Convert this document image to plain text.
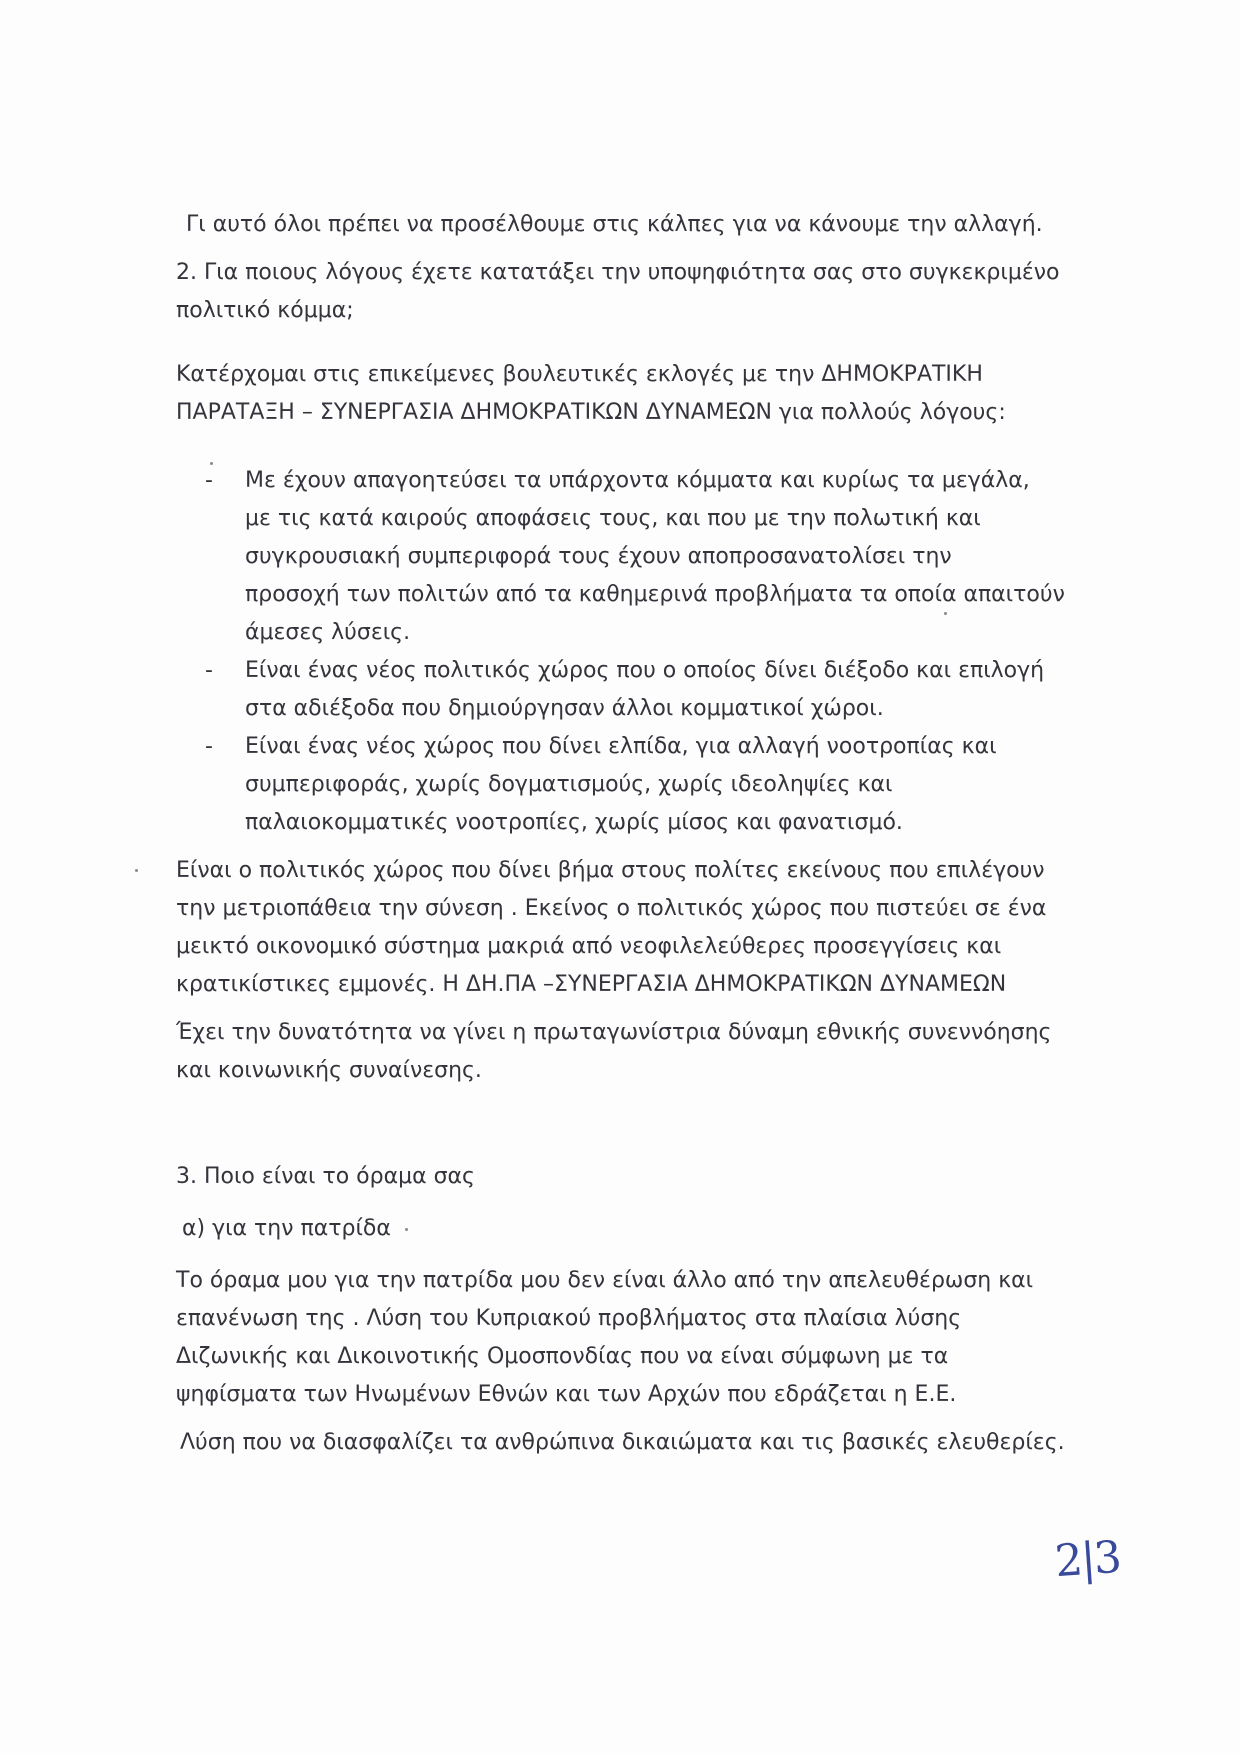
Γι αυτό όλοι πρέπει να προσέλθουμε στις κάλπες για να κάνουμε την αλλαγή.

2. Για ποιους λόγους έχετε κατατάξει την υποψηφιότητα σας στο συγκεκριμένο
πολιτικό κόμμα;

Κατέρχομαι στις επικείμενες βουλευτικές εκλογές με την ΔΗΜΟΚΡΑΤΙΚΗ
ΠΑΡΑΤΑΞΗ – ΣΥΝΕΡΓΑΣΙΑ ΔΗΜΟΚΡΑΤΙΚΩΝ ΔΥΝΑΜΕΩΝ για πολλούς λόγους:

- Με έχουν απαγοητεύσει τα υπάρχοντα κόμματα και κυρίως τα μεγάλα,
με τις κατά καιρούς αποφάσεις τους, και που με την πολωτική και
συγκρουσιακή συμπεριφορά τους έχουν αποπροσανατολίσει την
προσοχή των πολιτών από τα καθημερινά προβλήματα τα οποία απαιτούν
άμεσες λύσεις.
- Είναι ένας νέος πολιτικός χώρος που ο οποίος δίνει διέξοδο και επιλογή
στα αδιέξοδα που δημιούργησαν άλλοι κομματικοί χώροι.
- Είναι ένας νέος χώρος που δίνει ελπίδα, για αλλαγή νοοτροπίας και
συμπεριφοράς, χωρίς δογματισμούς, χωρίς ιδεοληψίες και
παλαιοκομματικές νοοτροπίες, χωρίς μίσος και φανατισμό.

Είναι ο πολιτικός χώρος που δίνει βήμα στους πολίτες εκείνους που επιλέγουν
την μετριοπάθεια την σύνεση . Εκείνος ο πολιτικός χώρος που πιστεύει σε ένα
μεικτό οικονομικό σύστημα μακριά από νεοφιλελεύθερες προσεγγίσεις και
κρατικίστικες εμμονές. Η ΔΗ.ΠΑ –ΣΥΝΕΡΓΑΣΙΑ ΔΗΜΟΚΡΑΤΙΚΩΝ ΔΥΝΑΜΕΩΝ

Έχει την δυνατότητα να γίνει η πρωταγωνίστρια δύναμη εθνικής συνεννόησης
και κοινωνικής συναίνεσης.

3. Ποιο είναι το όραμα σας

α) για την πατρίδα

Το όραμα μου για την πατρίδα μου δεν είναι άλλο από την απελευθέρωση και
επανένωση της . Λύση του Κυπριακού προβλήματος στα πλαίσια λύσης
Διζωνικής και Δικοινοτικής Ομοσπονδίας που να είναι σύμφωνη με τα
ψηφίσματα των Ηνωμένων Εθνών και των Αρχών που εδράζεται η Ε.Ε.

Λύση που να διασφαλίζει τα ανθρώπινα δικαιώματα και τις βασικές ελευθερίες.

2|3
